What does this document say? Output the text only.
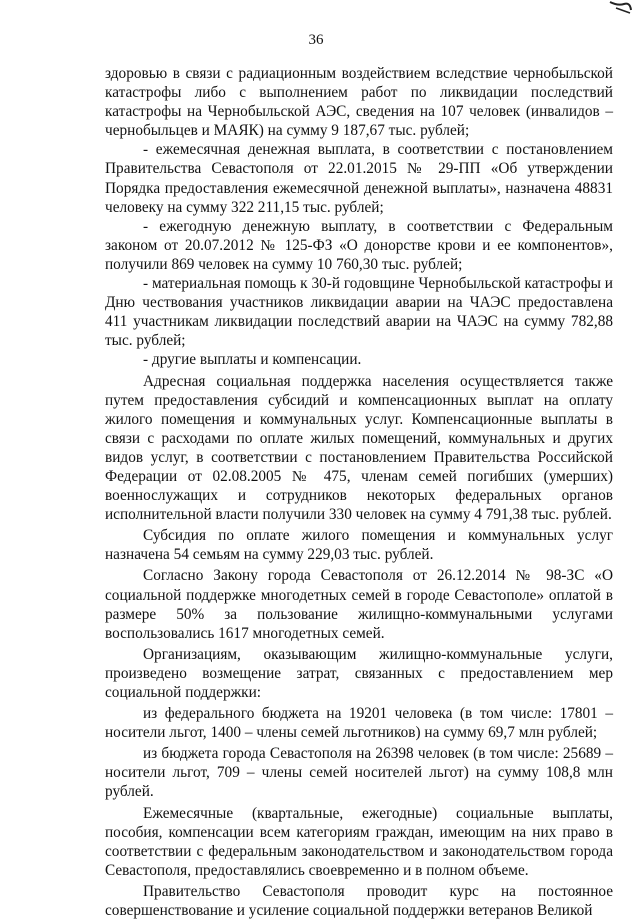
36

здоровью в связи с радиационным воздействием вследствие чернобыльской катастрофы либо с выполнением работ по ликвидации последствий катастрофы на Чернобыльской АЭС, сведения на 107 человек (инвалидов – чернобыльцев и МАЯК) на сумму 9 187,67 тыс. рублей;

- ежемесячная денежная выплата, в соответствии с постановлением Правительства Севастополя от 22.01.2015 № 29-ПП «Об утверждении Порядка предоставления ежемесячной денежной выплаты», назначена 48831 человеку на сумму 322 211,15 тыс. рублей;

- ежегодную денежную выплату, в соответствии с Федеральным законом от 20.07.2012 № 125-ФЗ «О донорстве крови и ее компонентов», получили 869 человек на сумму 10 760,30 тыс. рублей;

- материальная помощь к 30-й годовщине Чернобыльской катастрофы и Дню чествования участников ликвидации аварии на ЧАЭС предоставлена 411 участникам ликвидации последствий аварии на ЧАЭС на сумму 782,88 тыс. рублей;

- другие выплаты и компенсации.

Адресная социальная поддержка населения осуществляется также путем предоставления субсидий и компенсационных выплат на оплату жилого помещения и коммунальных услуг. Компенсационные выплаты в связи с расходами по оплате жилых помещений, коммунальных и других видов услуг, в соответствии с постановлением Правительства Российской Федерации от 02.08.2005 № 475, членам семей погибших (умерших) военнослужащих и сотрудников некоторых федеральных органов исполнительной власти получили 330 человек на сумму 4 791,38 тыс. рублей.

Субсидия по оплате жилого помещения и коммунальных услуг назначена 54 семьям на сумму 229,03 тыс. рублей.

Согласно Закону города Севастополя от 26.12.2014 № 98-ЗС «О социальной поддержке многодетных семей в городе Севастополе» оплатой в размере 50% за пользование жилищно-коммунальными услугами воспользовались 1617 многодетных семей.

Организациям, оказывающим жилищно-коммунальные услуги, произведено возмещение затрат, связанных с предоставлением мер социальной поддержки:

из федерального бюджета на 19201 человека (в том числе: 17801 – носители льгот, 1400 – члены семей льготников) на сумму 69,7 млн рублей;

из бюджета города Севастополя на 26398 человек (в том числе: 25689 – носители льгот, 709 – члены семей носителей льгот) на сумму 108,8 млн рублей.

Ежемесячные (квартальные, ежегодные) социальные выплаты, пособия, компенсации всем категориям граждан, имеющим на них право в соответствии с федеральным законодательством и законодательством города Севастополя, предоставлялись своевременно и в полном объеме.

Правительство Севастополя проводит курс на постоянное совершенствование и усиление социальной поддержки ветеранов Великой
